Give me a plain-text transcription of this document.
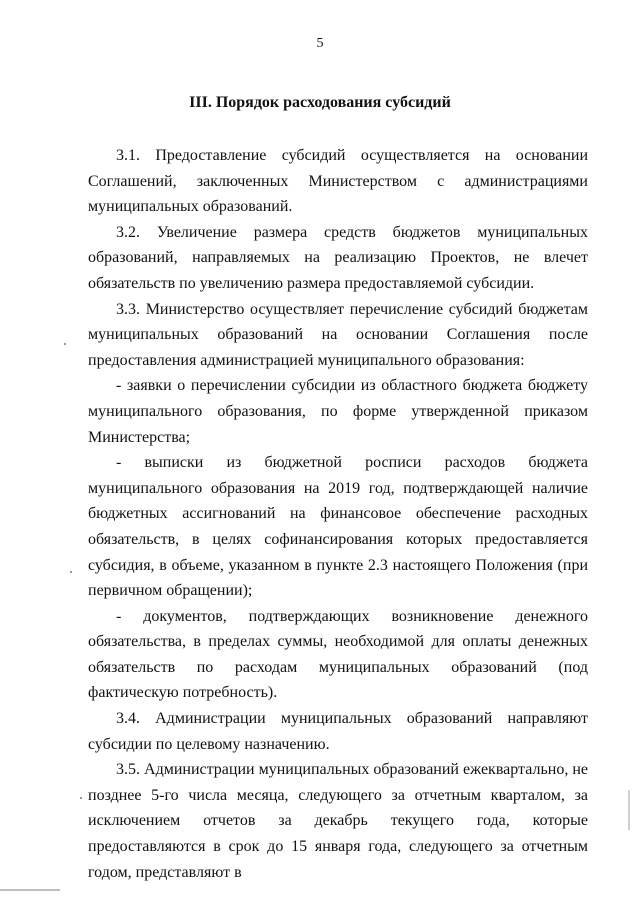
5
III. Порядок расходования субсидий

3.1. Предоставление субсидий осуществляется на основании Соглашений, заключенных Министерством с администрациями муниципальных образований.

3.2. Увеличение размера средств бюджетов муниципальных образований, направляемых на реализацию Проектов, не влечет обязательств по увеличению размера предоставляемой субсидии.

3.3. Министерство осуществляет перечисление субсидий бюджетам муниципальных образований на основании Соглашения после предоставления администрацией муниципального образования:

- заявки о перечислении субсидии из областного бюджета бюджету муниципального образования, по форме утвержденной приказом Министерства;

- выписки из бюджетной росписи расходов бюджета муниципального образования на 2019 год, подтверждающей наличие бюджетных ассигнований на финансовое обеспечение расходных обязательств, в целях софинансирования которых предоставляется субсидия, в объеме, указанном в пункте 2.3 настоящего Положения (при первичном обращении);

- документов, подтверждающих возникновение денежного обязательства, в пределах суммы, необходимой для оплаты денежных обязательств по расходам муниципальных образований (под фактическую потребность).

3.4. Администрации муниципальных образований направляют субсидии по целевому назначению.

3.5. Администрации муниципальных образований ежеквартально, не позднее 5-го числа месяца, следующего за отчетным кварталом, за исключением отчетов за декабрь текущего года, которые предоставляются в срок до 15 января года, следующего за отчетным годом, представляют в
